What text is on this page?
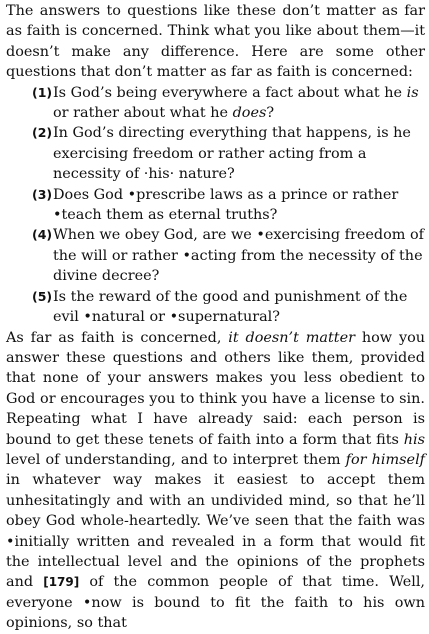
The answers to questions like these don’t matter as far as faith is concerned. Think what you like about them—it doesn’t make any difference. Here are some other questions that don’t matter as far as faith is concerned:

(1) Is God’s being everywhere a fact about what he is or rather about what he does?
(2) In God’s directing everything that happens, is he exercising freedom or rather acting from a necessity of ·his· nature?
(3) Does God •prescribe laws as a prince or rather •teach them as eternal truths?
(4) When we obey God, are we •exercising freedom of the will or rather •acting from the necessity of the divine decree?
(5) Is the reward of the good and punishment of the evil •natural or •supernatural?

As far as faith is concerned, it doesn’t matter how you answer these questions and others like them, provided that none of your answers makes you less obedient to God or encourages you to think you have a license to sin. Repeating what I have already said: each person is bound to get these tenets of faith into a form that fits his level of understanding, and to interpret them for himself in whatever way makes it easiest to accept them unhesitatingly and with an undivided mind, so that he’ll obey God whole-heartedly. We’ve seen that the faith was •initially written and revealed in a form that would fit the intellectual level and the opinions of the prophets and [179] of the common people of that time. Well, everyone •now is bound to fit the faith to his own opinions, so that
